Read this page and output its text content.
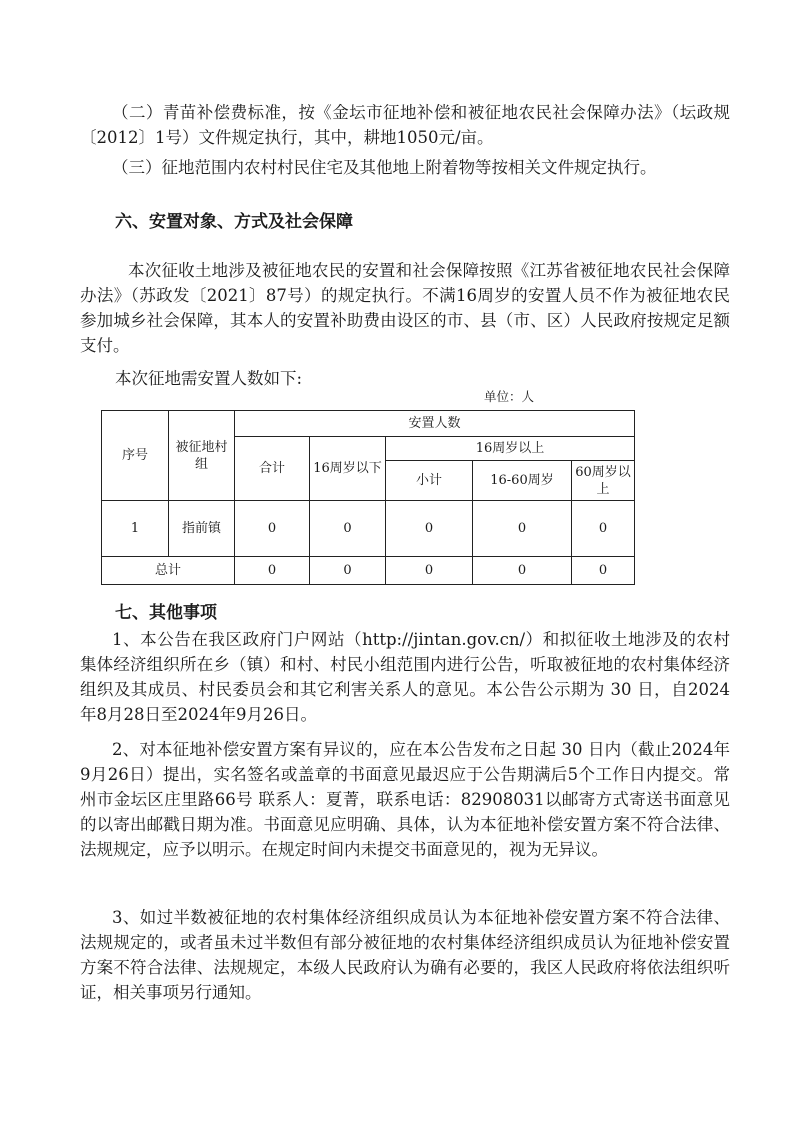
（二）青苗补偿费标准，按《金坛市征地补偿和被征地农民社会保障办法》（坛政规〔2012〕1号）文件规定执行，其中，耕地1050元/亩。

（三）征地范围内农村村民住宅及其他地上附着物等按相关文件规定执行。

六、安置对象、方式及社会保障

本次征收土地涉及被征地农民的安置和社会保障按照《江苏省被征地农民社会保障办法》（苏政发〔2021〕87号）的规定执行。不满16周岁的安置人员不作为被征地农民参加城乡社会保障，其本人的安置补助费由设区的市、县（市、区）人民政府按规定足额支付。

本次征地需安置人数如下:

单位：人
序号	被征地村组	安置人数				
		合计	16周岁以下	16周岁以上		
				小计	16-60周岁	60周岁以上
1	指前镇	0	0	0	0	0
总计		0	0	0	0	0

七、其他事项

1、本公告在我区政府门户网站（http://jintan.gov.cn/）和拟征收土地涉及的农村集体经济组织所在乡（镇）和村、村民小组范围内进行公告，听取被征地的农村集体经济组织及其成员、村民委员会和其它利害关系人的意见。本公告公示期为 30 日，自2024年8月28日至2024年9月26日。

2、对本征地补偿安置方案有异议的，应在本公告发布之日起 30 日内（截止2024年9月26日）提出，实名签名或盖章的书面意见最迟应于公告期满后5个工作日内提交。常州市金坛区庄里路66号 联系人：夏菁，联系电话：82908031以邮寄方式寄送书面意见的以寄出邮戳日期为准。书面意见应明确、具体，认为本征地补偿安置方案不符合法律、法规规定，应予以明示。在规定时间内未提交书面意见的，视为无异议。

3、如过半数被征地的农村集体经济组织成员认为本征地补偿安置方案不符合法律、法规规定的，或者虽未过半数但有部分被征地的农村集体经济组织成员认为征地补偿安置方案不符合法律、法规规定，本级人民政府认为确有必要的，我区人民政府将依法组织听证，相关事项另行通知。
